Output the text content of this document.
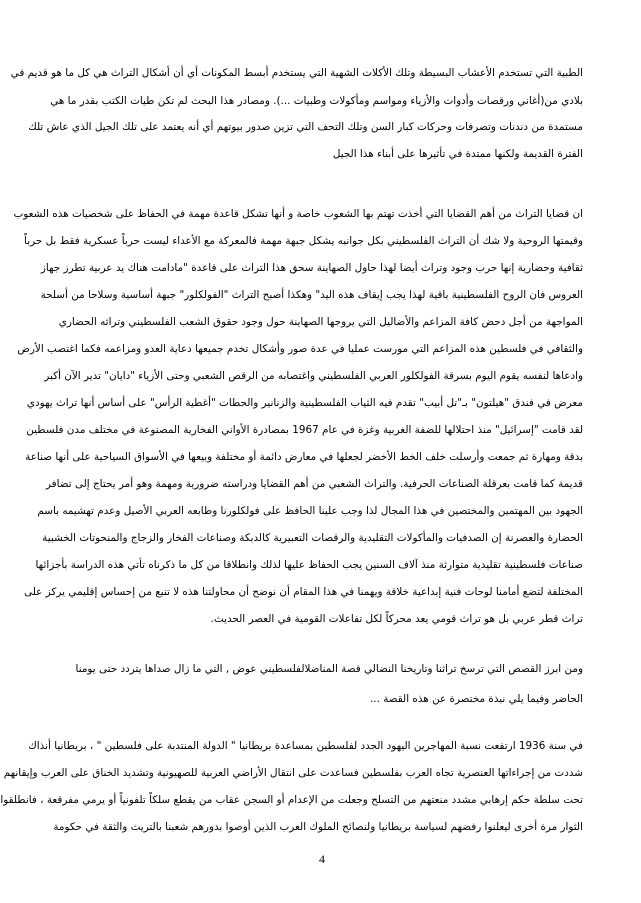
الطبية التي تستخدم الأعشاب البسيطة وتلك الأكلات الشهية التي يستخدم أبسط المكونات أي أن أشكال التراث هي كل ما هو قديم في
بلادي من(أغاني ورقصات وأدوات والأزياء ومواسم ومأكولات وطبيات ...). ومصادر هذا البحث لم تكن طيات الكتب بقدر ما هي
مستمدة من دندنات وتصرفات وحركات كبار السن وتلك التحف التي تزين صدور بيوتهم أي أنه يعتمد على تلك الجيل الذي عاش تلك
الفترة القديمة ولكنها ممتدة في تأثيرها على أبناء هذا الجيل
ان قضايا التراث من أهم القضايا التي أخذت تهتم بها الشعوب خاصة و أنها تشكل قاعدة مهمة في الحفاظ على شخصيات هذه الشعوب
وقيمتها الروحية ولا شك أن التراث الفلسطيني بكل جوانبه يشكل جبهة مهمة فالمعركة مع الأعداء ليست حرباً عسكرية فقط بل حرباً
ثقافية وحضارية إنها حرب وجود وتراث أيضا لهذا حاول الصهاينة سحق هذا التراث على قاعدة "مادامت هناك يد عربية تطرز جهاز
العروس فان الروح الفلسطينية باقية لهذا يجب إيقاف هذه اليد" وهكذا أصبح التراث "الفولكلور" جبهة أساسية وسلاحا من أسلحة
المواجهة من أجل دحض كافة المزاعم والأضاليل التي يروجها الصهاينة حول وجود حقوق الشعب الفلسطيني وتراثه الحضاري
والثقافي في فلسطين هذه المزاعم التي مورست عمليا في عدة صور وأشكال تخدم جميعها دعاية العدو ومزاعمه فكما اغتصب الأرض
وادعاها لنفسه يقوم اليوم بسرقة الفولكلور العربي الفلسطيني واغتصابه من الرقص الشعبي وحتى الأزياء "دايان" تدير الآن أكبر
معرض في فندق "هيلتون" بـ"تل أبيب" تقدم فيه الثياب الفلسطينية والزنانير والحطات "أغطية الرأس" على أساس أنها تراث يهودي
لقد قامت "إسرائيل" منذ احتلالها للضفة الغربية وغزة في عام 1967 بمصادرة الأواني الفخارية المصنوعة في مختلف مدن فلسطين
بدقة ومهارة ثم جمعت وأرسلت خلف الخط الأخضر لجعلها في معارض دائمة أو مختلفة وبيعها في الأسواق السياحية على أنها صناعة
قديمة كما قامت بعرقلة الصناعات الحرفية. والتراث الشعبي من أهم القضايا ودراسته ضرورية ومهمة وهو أمر يحتاج إلى تضافر
الجهود بين المهتمين والمختصين في هذا المجال لذا وجب علينا الحافظ على فولكلورنا وطابعه العربي الأصيل وعدم تهشيمه باسم
الحضارة والعصرنة إن الصدفيات والمأكولات التقليدية والرقصات التعبيرية كالدبكة وصناعات الفخار والزجاج والمنحوتات الخشبية
صناعات فلسطينية تقليدية متوارثة منذ آلاف السنين يجب الحفاظ عليها لذلك وانطلاقا من كل ما ذكرناه تأتي هذه الدراسة بأجزائها
المختلفة لتضع أمامنا لوحات فنية إبداعية خلاقة ويهمنا في هذا المقام أن نوضح أن محاولتنا هذه لا تنبع من إحساس إقليمي يركز على
تراث قطر عربي بل هو تراث قومي يعد محركاً لكل تفاعلات القومية في العصر الحديث.
ومن ابرز القصص التي ترسخ تراثنا وتاريخنا النضالي قصة المناضلالفلسطيني عوض , التي ما زال صداها يتردد حتى يومنا
الحاضر وفيما يلي نبذة مختصرة عن هذه القصة ...
في سنة 1936 ارتفعت نسبة المهاجرين اليهود الجدد لفلسطين بمساعدة بريطانيا " الدولة المنتدبة على فلسطين " ، بريطانيا أنذاك
شددت من إجراءاتها العنصرية تجاه العرب بفلسطين فساعدت على انتقال الأراضي العربية للصهيونية وتشديد الخناق على العرب وإيقانهم
تحت سلطة حكم إرهابي مشدد منعتهم من التسلح وجعلت من الإعدام أو السجن عقاب من يقطع سلكاً تلفونياً أو يرمي مفرقعة ، فانطلقوا
الثوار مرة أخرى ليعلنوا رفضهم لسياسة بريطانيا ولنصائح الملوك العرب الذين أوصوا بدورهم شعبنا بالتريث والثقة في حكومة
4
